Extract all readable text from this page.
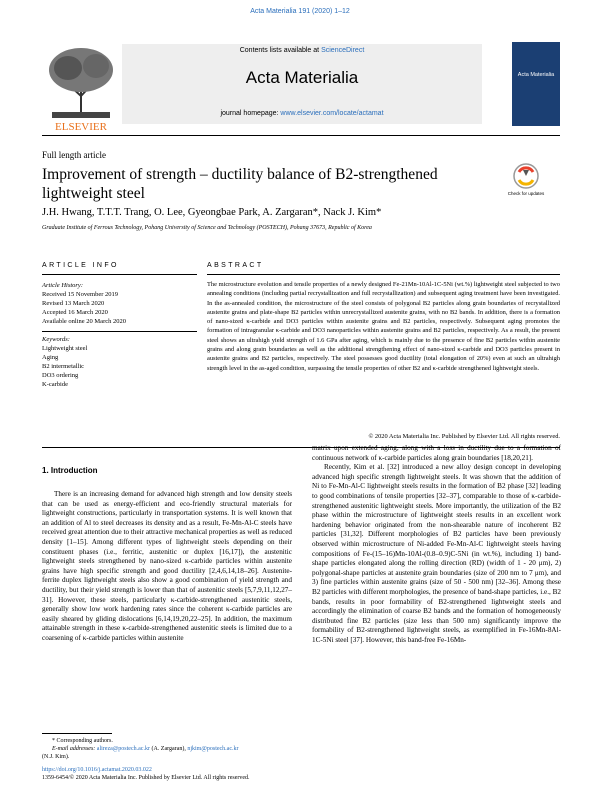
Acta Materialia 191 (2020) 1–12
ELSEVIER
Contents lists available at ScienceDirect
Acta Materialia
journal homepage: www.elsevier.com/locate/actamat
Acta Materialia
Full length article
Improvement of strength – ductility balance of B2-strengthened lightweight steel	Check for updates
J.H. Hwang, T.T.T. Trang, O. Lee, Gyeongbae Park, A. Zargaran*, Nack J. Kim*
Graduate Institute of Ferrous Technology, Pohang University of Science and Technology (POSTECH), Pohang 37673, Republic of Korea
ARTICLE INFO	ABSTRACT
Article History:
Received 15 November 2019
Revised 13 March 2020
Accepted 16 March 2020
Available online 20 March 2020
Keywords:
Lightweight steel
Aging
B2 intermetallic
DO3 ordering
K-carbide
The microstructure evolution and tensile properties of a newly designed Fe-21Mn-10Al-1C-5Ni (wt.%) lightweight steel subjected to two annealing conditions (including partial recrystallization and full recrystallization) and subsequent aging treatment have been investigated. In the as-annealed condition, the microstructure of the steel consists of polygonal B2 particles along grain boundaries of recrystallized austenite grains and plate-shape B2 particles within unrecrystallized austenite grains, with no B2 bands. In addition, there is a formation of nano-sized κ-carbide and DO3 particles within austenite grains and B2 particles, respectively. Subsequent aging promotes the formation of intragranular κ-carbide and DO3 nanoparticles within austenite grains and B2 particles, respectively. As a result, the present steel shows an ultrahigh yield strength of 1.6 GPa after aging, which is mainly due to the presence of fine B2 particles within austenite grains and along grain boundaries as well as the additional strengthening effect of nano-sized κ-carbide and DO3 particles present in austenite grains and B2 particles, respectively. The steel possesses good ductility (total elongation of 20%) even at such an ultrahigh strength level in the as-aged condition, surpassing the tensile properties of other B2 and κ-carbide strengthened lightweight steels.
© 2020 Acta Materialia Inc. Published by Elsevier Ltd. All rights reserved.
1. Introduction

There is an increasing demand for advanced high strength and low density steels that can be used as energy-efficient and eco-friendly structural materials for lightweight constructions, particularly in transportation systems. It is well known that an addition of Al to steel decreases its density and as a result, Fe-Mn-Al-C steels have received great attention due to their attractive mechanical properties as well as reduced density [1–15]. Among different types of lightweight steels depending on their constituent phases (i.e., ferritic, austenitic or duplex [16,17]), the austenitic lightweight steels strengthened by nano-sized κ-carbide particles within austenite grains have high specific strength and good ductility [2,4,6,14,18–26]. Austenite-ferrite duplex lightweight steels also show a good combination of yield strength and ductility, but their yield strength is lower than that of austenitic steels [5,7,9,11,12,27–31]. However, these steels, particularly κ-carbide-strengthened austenitic steels, generally show low work hardening rates since the coherent κ-carbide particles are easily sheared by gliding dislocations [6,14,19,20,22–25]. In addition, the maximum attainable strength in these κ-carbide-strengthened austenitic steels is limited due to a coarsening of κ-carbide particles within austenite

matrix upon extended aging, along with a loss in ductility due to a formation of continuous network of κ-carbide particles along grain boundaries [18,20,21].

Recently, Kim et al. [32] introduced a new alloy design concept in developing advanced high specific strength lightweight steels. It was shown that the addition of Ni to Fe-Mn-Al-C lightweight steels results in the formation of B2 phase [32] leading to good combinations of tensile properties [32–37], comparable to those of κ-carbide-strengthened austenitic lightweight steels. More importantly, the utilization of the B2 phase within the microstructure of lightweight steels results in an excellent work hardening behavior originated from the non-shearable nature of incoherent B2 particles [31,32]. Different morphologies of B2 particles have been previously observed within microstructure of Ni-added Fe-Mn-Al-C lightweight steels having compositions of Fe-(15–16)Mn-10Al-(0.8–0.9)C-5Ni (in wt.%), including 1) band-shape particles elongated along the rolling direction (RD) (width of 1 - 20 μm), 2) polygonal-shape particles at austenite grain boundaries (size of 200 nm to 7 μm), and 3) fine particles within austenite grains (size of 50 - 500 nm) [32–36]. Among these B2 particles with different morphologies, the presence of band-shape particles, i.e., B2 bands, results in poor formability of B2-strengthened lightweight steels and accordingly the elimination of coarse B2 bands and the formation of homogeneously distributed fine B2 particles (size less than 500 nm) significantly improve the formability of B2-strengthened lightweight steels, as exemplified in Fe-16Mn-8Al-1C-5Ni steel [37]. However, this band-free Fe-16Mn-

* Corresponding authors.
E-mail addresses: alireza@postech.ac.kr (A. Zargaran), njkim@postech.ac.kr
(N.J. Kim).
https://doi.org/10.1016/j.actamat.2020.03.022
1359-6454/© 2020 Acta Materialia Inc. Published by Elsevier Ltd. All rights reserved.
